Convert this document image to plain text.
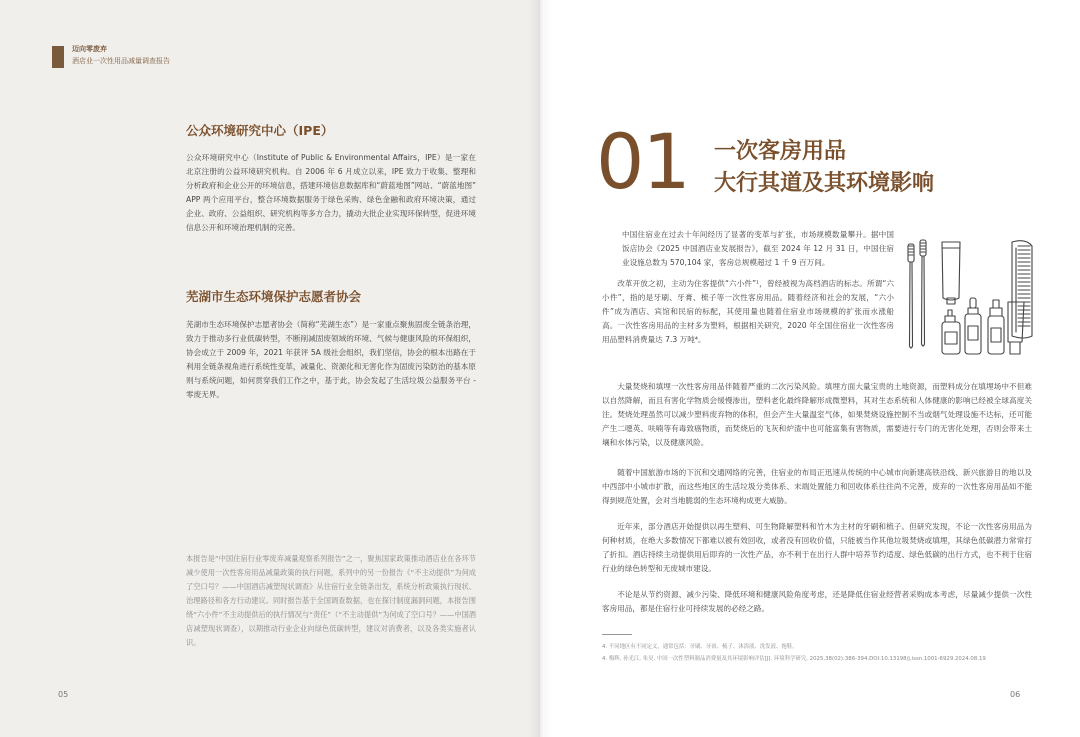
迈向零废弃
酒店业一次性用品减量调查报告
公众环境研究中心（IPE）

公众环境研究中心（Institute of Public & Environmental Affairs，IPE）是一家在北京注册的公益环境研究机构。自 2006 年 6 月成立以来，IPE 致力于收集、整理和分析政府和企业公开的环境信息，搭建环境信息数据库和“蔚蓝地图”网站、“蔚蓝地图” APP 两个应用平台，整合环境数据服务于绿色采购、绿色金融和政府环境决策，通过企业、政府、公益组织、研究机构等多方合力，撬动大批企业实现环保转型，促进环境信息公开和环境治理机制的完善。

芜湖市生态环境保护志愿者协会

芜湖市生态环境保护志愿者协会（简称“芜湖生态”）是一家重点聚焦固废全链条治理，致力于推动多行业低碳转型，不断削减固废领域的环境、气候与健康风险的环保组织，协会成立于 2009 年，2021 年获评 5A 级社会组织，我们坚信，协会的根本出路在于利用全链条视角进行系统性变革，减量化、资源化和无害化作为固废污染防治的基本原则与系统问题，如何贯穿我们工作之中，基于此，协会发起了生活垃圾公益服务平台 - 零废无界。

本报告是“中国住宿行业零废弃减量观察系列报告”之一，聚焦国家政策推动酒店业在各环节减少使用一次性客房用品减量政策的执行问题，系列中的另一份报告《“不主动提供”为何成了空口号？——中国酒店减塑现状调查》从住宿行业全链条出发，系统分析政策执行现状、治理路径和各方行动建议。同时报告基于全国调查数据，也在探讨制度漏洞问题，本报告围绕“六小件”不主动提供后的执行情况与“责任”（“不主动提供”为何成了空口号？——中国酒店减塑现状调查），以期推动行业企业向绿色低碳转型，建议对消费者，以及各类实施者认识。
05
01 一次客房用品
大行其道及其环境影响

中国住宿业在过去十年间经历了显著的变革与扩张，市场规模数量攀升。据中国饭店协会《2025 中国酒店业发展报告》，截至 2024 年 12 月 31 日，中国住宿业设施总数为 570,104 家，客房总规模超过 1 千 9 百万间。

改革开放之初，主动为住客提供“六小件”¹，曾经被视为高档酒店的标志。所谓“六小件”，指的是牙刷、牙膏、梳子等一次性客房用品。随着经济和社会的发展，“六小件”成为酒店、宾馆和民宿的标配，其使用量也随着住宿业市场规模的扩张而水涨船高。一次性客房用品的主材多为塑料，根据相关研究，2020 年全国住宿业一次性客房用品塑料消费量达 7.3 万吨⁴。

大量焚烧和填埋一次性客房用品伴随着严重的二次污染风险。填埋方面大量宝贵的土地资源，而塑料成分在填埋场中不但难以自然降解，而且有害化学物质会缓慢渗出，塑料老化最终降解形成微塑料，其对生态系统和人体健康的影响已经被全球高度关注。焚烧处理虽然可以减少塑料废弃物的体积，但会产生大量温室气体，如果焚烧设施控制不当或烟气处理设施不达标，还可能产生二噁英、呋喃等有毒致癌物质，而焚烧后的飞灰和炉渣中也可能富集有害物质，需要进行专门的无害化处理，否则会带来土壤和水体污染，以及健康风险。

随着中国旅游市场的下沉和交通网络的完善，住宿业的布局正迅速从传统的中心城市向新建高铁沿线、新兴旅游目的地以及中西部中小城市扩散，而这些地区的生活垃圾分类体系、末端处置能力和回收体系往往尚不完善，废弃的一次性客房用品如不能得到规范处置，会对当地脆弱的生态环境构成更大威胁。

近年来，部分酒店开始提供以再生塑料、可生物降解塑料和竹木为主材的牙刷和梳子。但研究发现，不论一次性客房用品为何种材质，在绝大多数情况下都难以被有效回收，或者没有回收价值，只能被当作其他垃圾焚烧或填埋，其绿色低碳潜力常常打了折扣。酒店持续主动提供用后即弃的一次性产品，亦不利于在出行人群中培养节约适度、绿色低碳的出行方式，也不利于住宿行业的绿色转型和无废城市建设。

不论是从节约资源、减少污染、降低环境和健康风险角度考虑，还是降低住宿业经营者采购成本考虑，尽量减少提供一次性客房用品，都是住宿行业可持续发展的必经之路。

4. 不同地区有不同定义，通常包括：牙刷、牙膏、梳子、沐浴液、洗发液、拖鞋。
4. 梅辉, 孙光江, 朱昊. 中国一次性塑料制品消费量及其环境影响评估[J]. 环境科学研究, 2025,38(02):386-394.DOI:10.13198/j.issn.1001-6929.2024.08.19
06
